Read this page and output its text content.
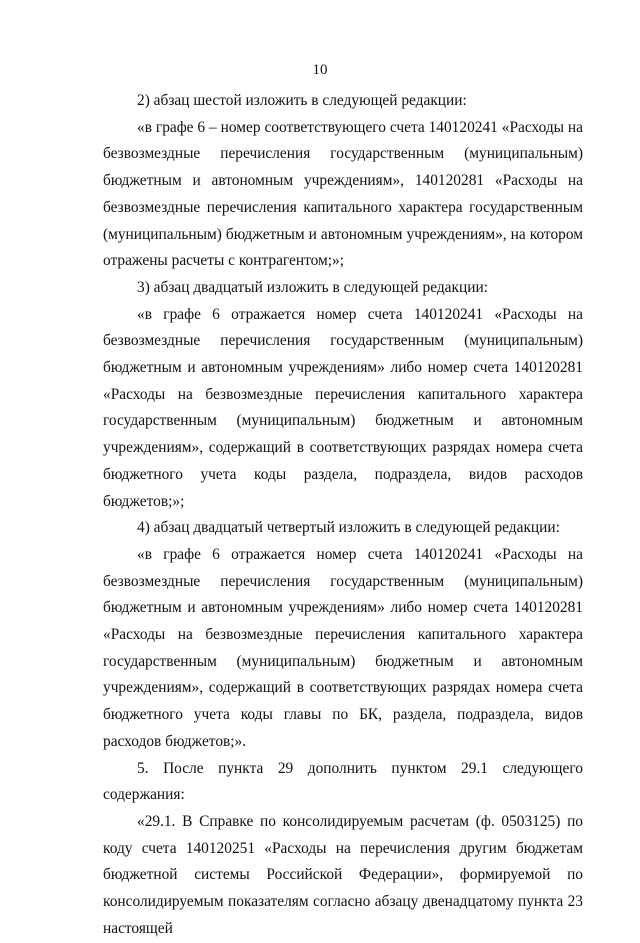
10

2) абзац шестой изложить в следующей редакции:

«в графе 6 – номер соответствующего счета 140120241 «Расходы на безвозмездные перечисления государственным (муниципальным) бюджетным и автономным учреждениям», 140120281 «Расходы на безвозмездные перечисления капитального характера государственным (муниципальным) бюджетным и автономным учреждениям», на котором отражены расчеты с контрагентом;»;

3) абзац двадцатый изложить в следующей редакции:

«в графе 6 отражается номер счета 140120241 «Расходы на безвозмездные перечисления государственным (муниципальным) бюджетным и автономным учреждениям» либо номер счета 140120281 «Расходы на безвозмездные перечисления капитального характера государственным (муниципальным) бюджетным и автономным учреждениям», содержащий в соответствующих разрядах номера счета бюджетного учета коды раздела, подраздела, видов расходов бюджетов;»;

4) абзац двадцатый четвертый изложить в следующей редакции:

«в графе 6 отражается номер счета 140120241 «Расходы на безвозмездные перечисления государственным (муниципальным) бюджетным и автономным учреждениям» либо номер счета 140120281 «Расходы на безвозмездные перечисления капитального характера государственным (муниципальным) бюджетным и автономным учреждениям», содержащий в соответствующих разрядах номера счета бюджетного учета коды главы по БК, раздела, подраздела, видов расходов бюджетов;».

5. После пункта 29 дополнить пунктом 29.1 следующего содержания:

«29.1. В Справке по консолидируемым расчетам (ф. 0503125) по коду счета 140120251 «Расходы на перечисления другим бюджетам бюджетной системы Российской Федерации», формируемой по консолидируемым показателям согласно абзацу двенадцатому пункта 23 настоящей
